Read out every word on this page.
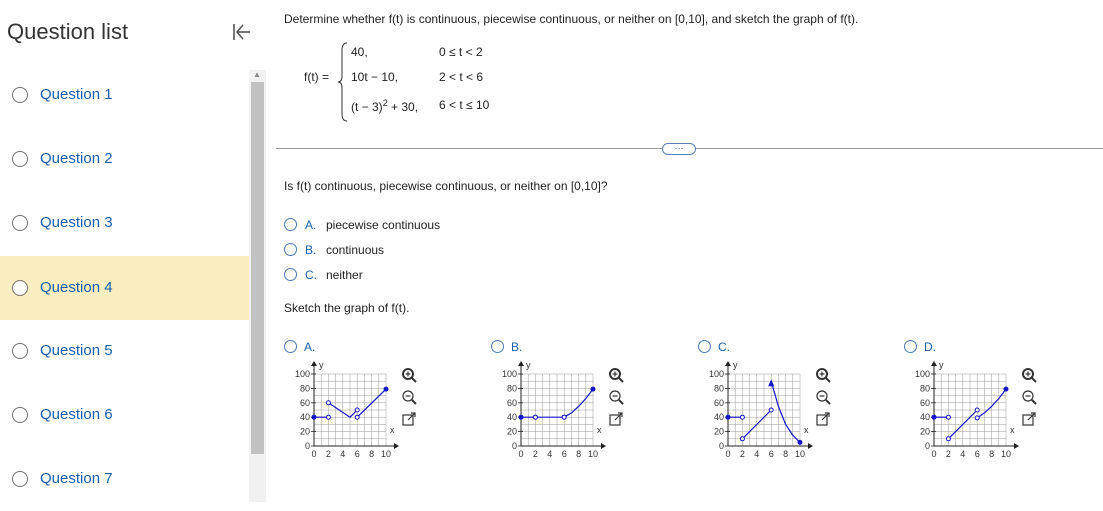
Question list
Question 1
Question 2
Question 3
Question 4
Question 5
Question 6
Question 7
▲
Determine whether f(t) is continuous, piecewise continuous, or neither on [0,10], and sketch the graph of f(t).
f(t) =
40,	0 ≤ t < 2
10t − 10,	2 < t < 6
$(t - 3)^2 + 30$, 6 < t ≤ 10
···
Is f(t) continuous, piecewise continuous, or neither on [0,10]?
A. piecewise continuous
B. continuous
C. neither
Sketch the graph of f(t).
A.
0
20
40
60
80
100
0 2 4 6 8 10
x
y
B.
0
20
40
60
80
100
0 2 4 6 8 10
x
y
C.
0
20
40
60
80
100
0 2 4 6 8 10
x
y
D.
0
20
40
60
80
100
0 2 4 6 8 10
x
y
